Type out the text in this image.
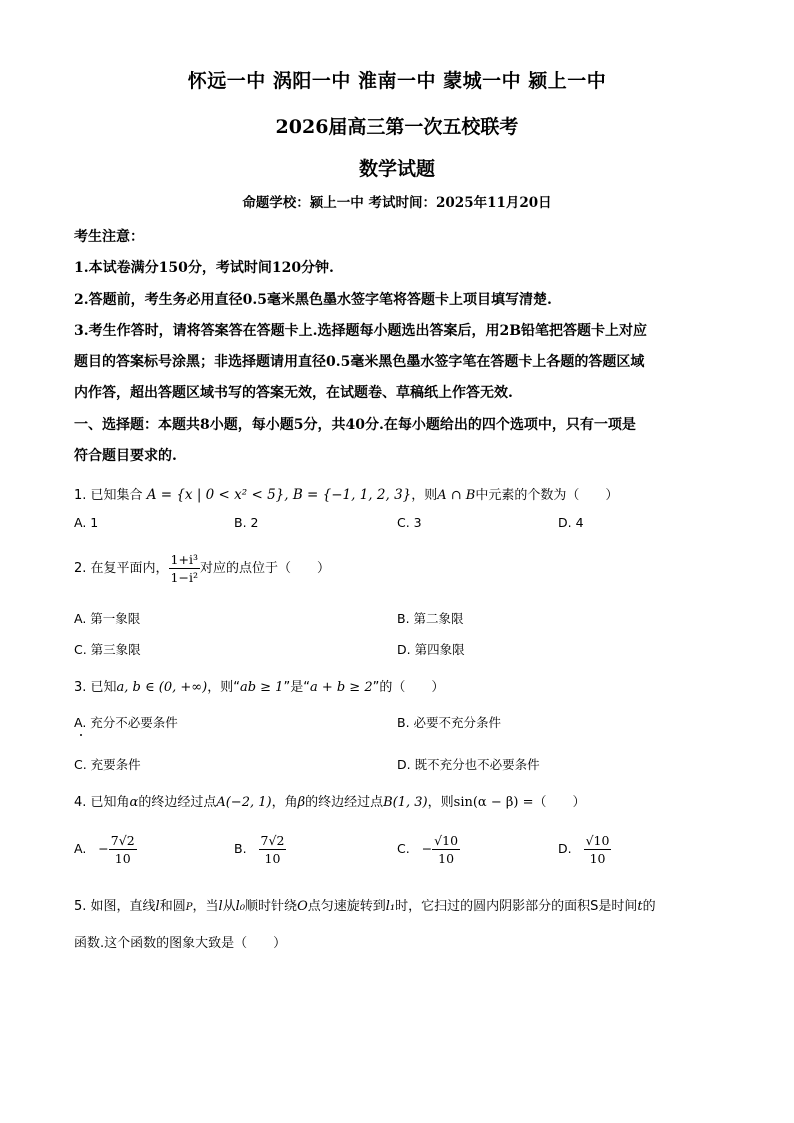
怀远一中 涡阳一中 淮南一中 蒙城一中 颍上一中
2026届高三第一次五校联考
数学试题
命题学校：颍上一中 考试时间：2025年11月20日
考生注意：
1.本试卷满分150分，考试时间120分钟.
2.答题前，考生务必用直径0.5毫米黑色墨水签字笔将答题卡上项目填写清楚.
3.考生作答时，请将答案答在答题卡上.选择题每小题选出答案后，用2B铅笔把答题卡上对应
题目的答案标号涂黑；非选择题请用直径0.5毫米黑色墨水签字笔在答题卡上各题的答题区域
内作答，超出答题区域书写的答案无效，在试题卷、草稿纸上作答无效.
一、选择题：本题共8小题，每小题5分，共40分.在每小题给出的四个选项中，只有一项是
符合题目要求的.
1. 已知集合 A = {x | 0 < x² < 5}, B = {−1, 1, 2, 3}，则A ∩ B中元素的个数为（　　）
A. 1	B. 2	C. 3	D. 4
2. 在复平面内， $\frac{\text{1+i³}}{\text{1−i²}}$ 对应的点位于（　　）
A. 第一象限	B. 第二象限
C. 第三象限	D. 第四象限
3. 已知a, b ∈ (0, +∞)，则“ab ≥ 1”是“a + b ≥ 2”的（　　）
A. 充分不必要条件	B. 必要不充分条件
C. 充要条件	D. 既不充分也不必要条件
4. 已知角α的终边经过点A(−2, 1)，角β的终边经过点B(1, 3)，则sin(α − β) =（　　）
A. − $\frac{7√2}{10}$	B. $\frac{7√2}{10}$	C. − $\frac{√10}{10}$	D. $\frac{√10}{10}$
5. 如图，直线l和圆P，当l从l₀顺时针绕O点匀速旋转到l₁时，它扫过的圆内阴影部分的面积S是时间t的
函数.这个函数的图象大致是（　　）
